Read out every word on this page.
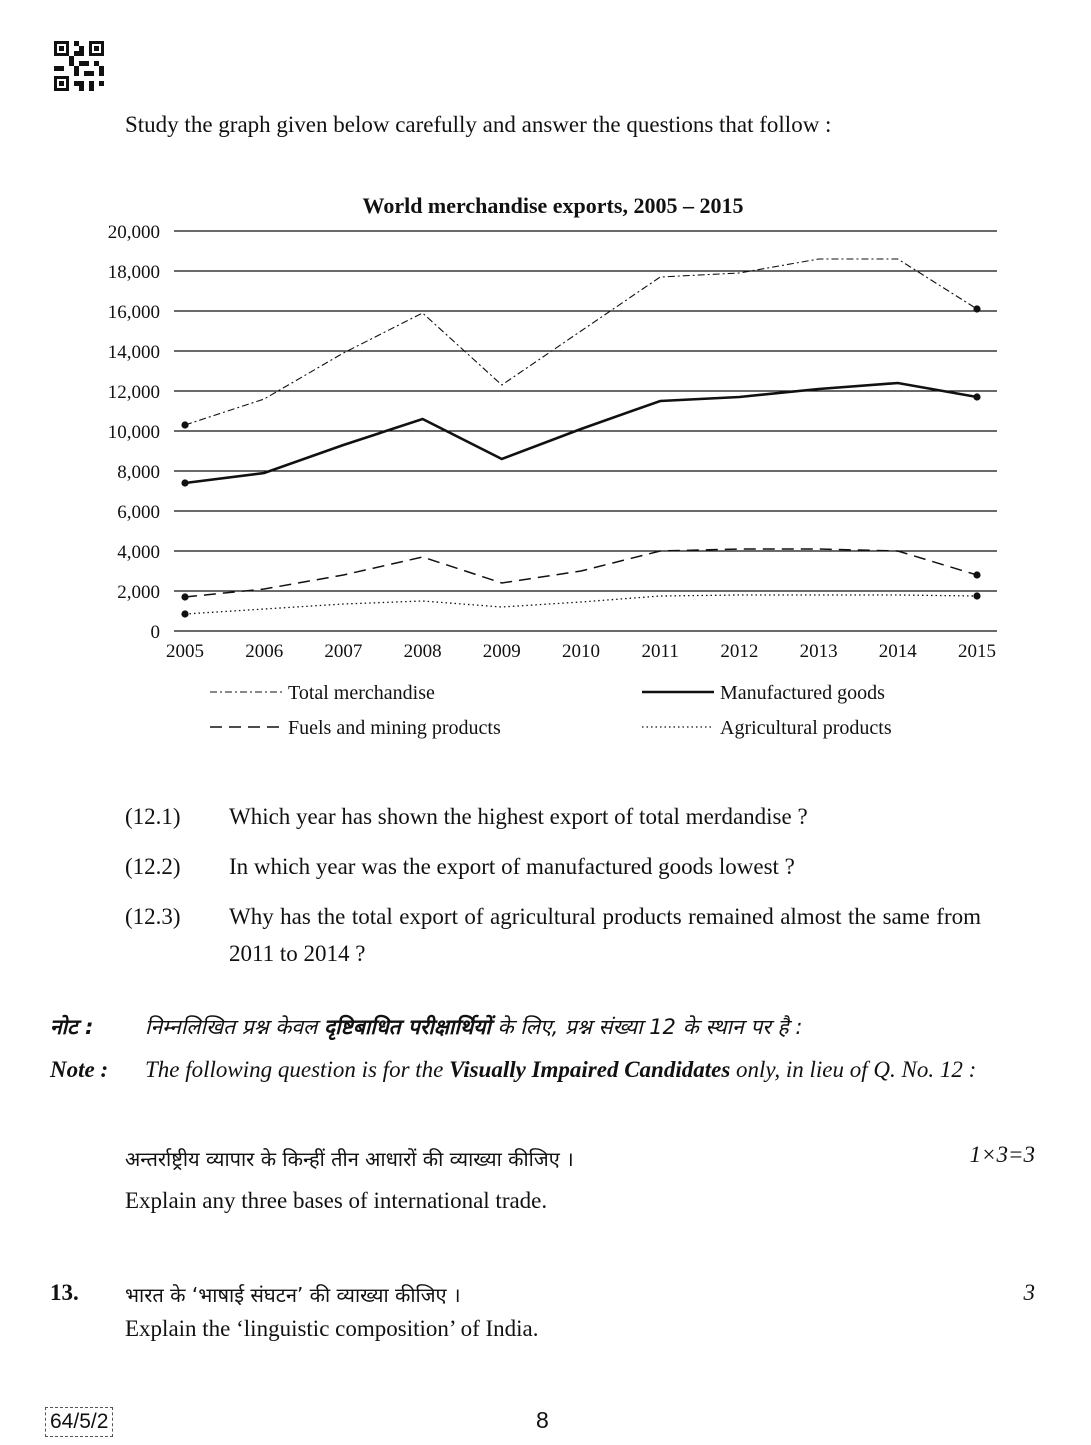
Study the graph given below carefully and answer the questions that follow :
World merchandise exports, 2005 – 2015
20,000
18,000
16,000
14,000
12,000
10,000
8,000
6,000
4,000
2,000
0
2005 2006 2007 2008 2009 2010 2011 2012 2013 2014 2015
Total merchandise	Manufactured goods
Fuels and mining products	Agricultural products
(12.1)	Which year has shown the highest export of total merdandise ?
(12.2)	In which year was the export of manufactured goods lowest ?
(12.3)	Why has the total export of agricultural products remained almost the same from 2011 to 2014 ?
नोट :	निम्नलिखित प्रश्न केवल दृष्टिबाधित परीक्षार्थियों के लिए, प्रश्न संख्या 12 के स्थान पर है :
Note :	The following question is for the Visually Impaired Candidates only, in lieu of Q. No. 12 :
अन्तर्राष्ट्रीय व्यापार के किन्हीं तीन आधारों की व्याख्या कीजिए ।	1×3=3
Explain any three bases of international trade.
13. भारत के ‘भाषाई संघटन’ की व्याख्या कीजिए ।	3
Explain the ‘linguistic composition’ of India.
64/5/2	8
